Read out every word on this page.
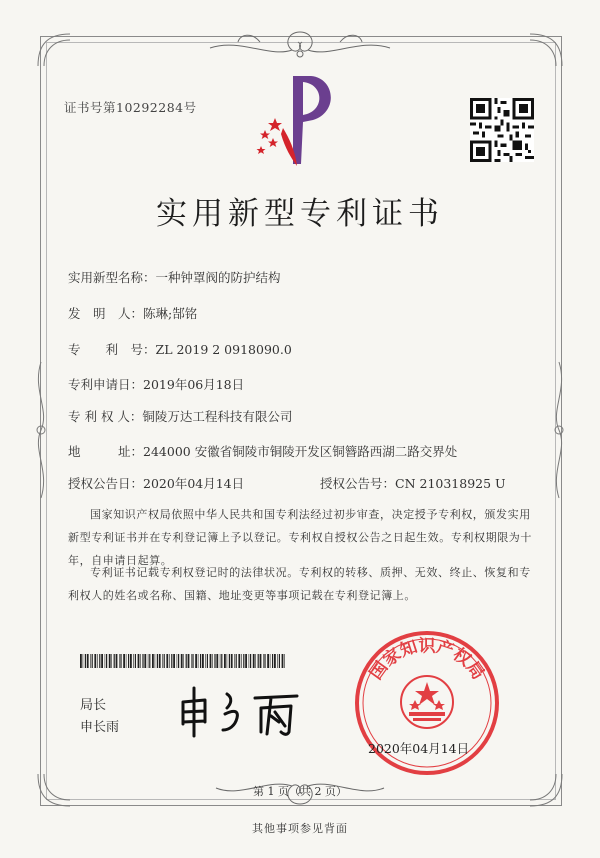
证书号第10292284号
实用新型专利证书
实用新型名称：一种钟罩阀的防护结构
发　明　人：陈琳;郜铭
专　　利　号：ZL 2019 2 0918090.0
专利申请日：2019年06月18日
专 利 权 人：铜陵万达工程科技有限公司
地　　　址：244000 安徽省铜陵市铜陵开发区铜簪路西湖二路交界处
授权公告日：2020年04月14日	授权公告号：CN 210318925 U
国家知识产权局依照中华人民共和国专利法经过初步审查，决定授予专利权，颁发实用新型专利证书并在专利登记簿上予以登记。专利权自授权公告之日起生效。专利权期限为十年，自申请日起算。
专利证书记载专利权登记时的法律状况。专利权的转移、质押、无效、终止、恢复和专利权人的姓名或名称、国籍、地址变更等事项记载在专利登记簿上。
局长
申长雨
国家知识产权局
2020年04月14日
第 1 页（共 2 页）
其他事项参见背面
